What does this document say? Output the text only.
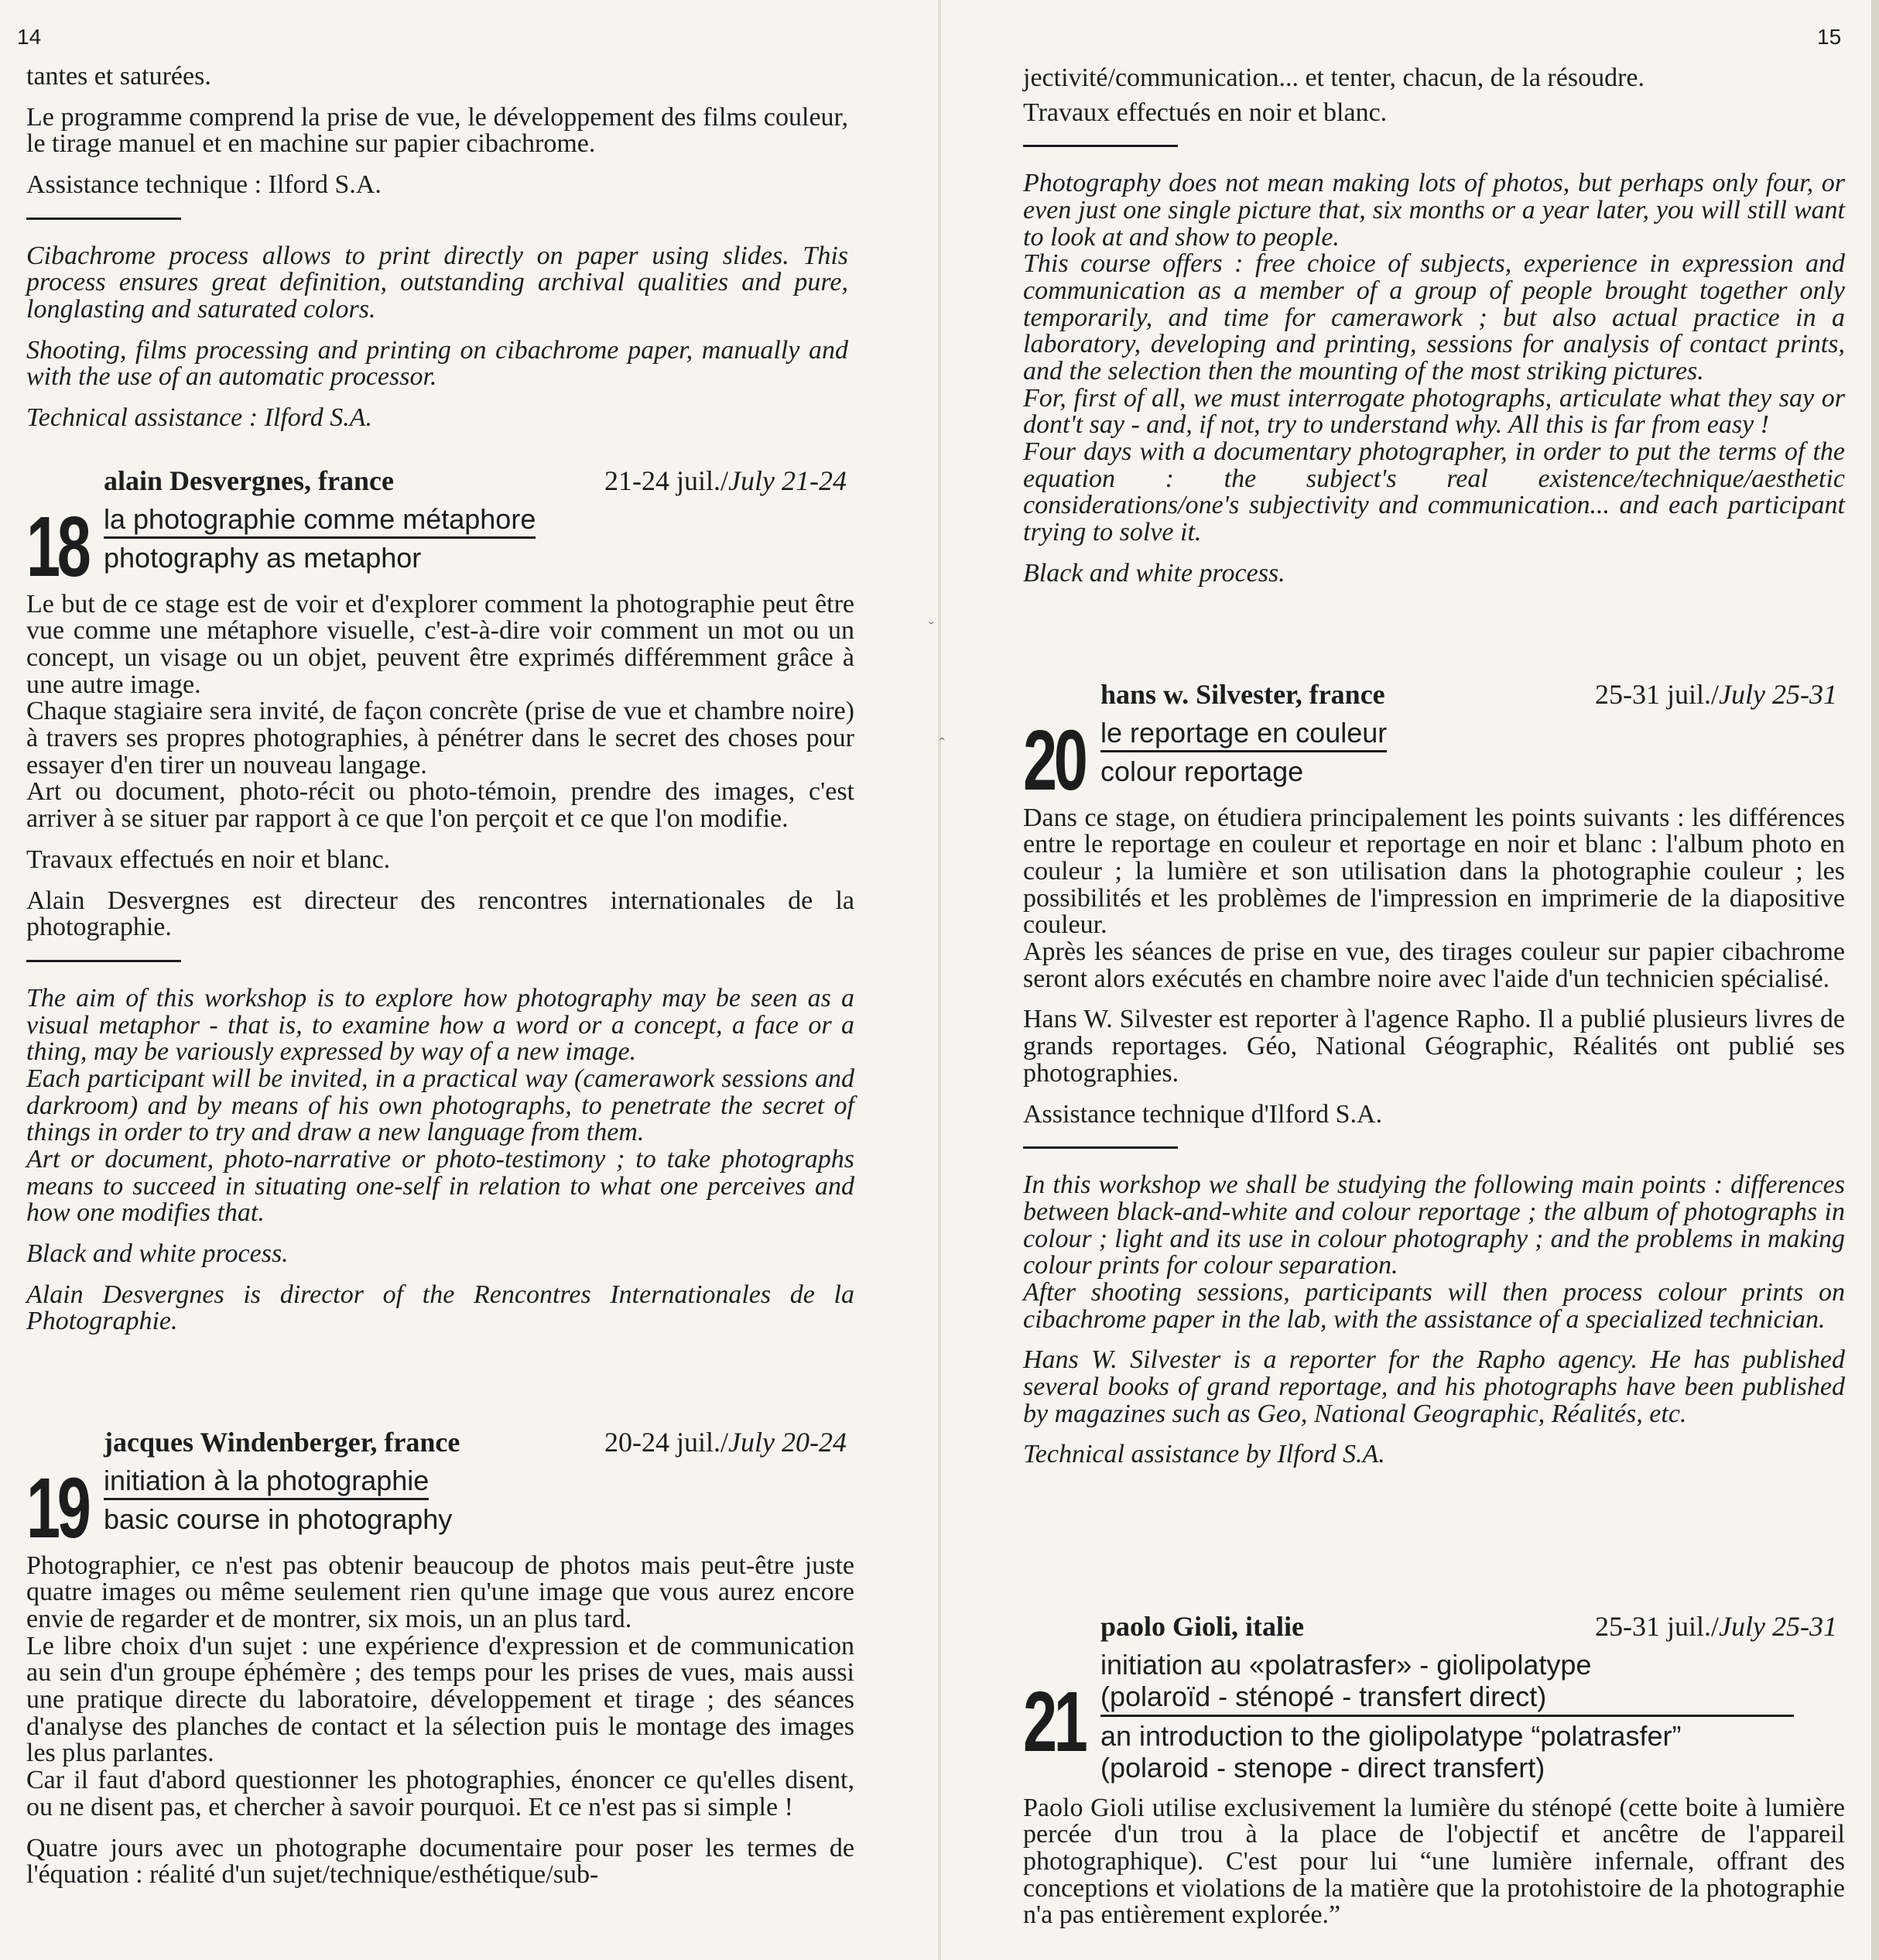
14

tantes et saturées.

Le programme comprend la prise de vue, le développement des films couleur, le tirage manuel et en machine sur papier cibachrome.

Assistance technique : Ilford S.A.

Cibachrome process allows to print directly on paper using slides. This process ensures great definition, outstanding archival qualities and pure, longlasting and saturated colors.

Shooting, films processing and printing on cibachrome paper, manually and with the use of an automatic processor.

Technical assistance : Ilford S.A.

alain Desvergnes, france	21-24 juil./July 21-24
18 la photographie comme métaphore
photography as metaphor

Le but de ce stage est de voir et d'explorer comment la photographie peut être vue comme une métaphore visuelle, c'est-à-dire voir comment un mot ou un concept, un visage ou un objet, peuvent être exprimés différemment grâce à une autre image.

Chaque stagiaire sera invité, de façon concrète (prise de vue et chambre noire) à travers ses propres photographies, à pénétrer dans le secret des choses pour essayer d'en tirer un nouveau langage.

Art ou document, photo-récit ou photo-témoin, prendre des images, c'est arriver à se situer par rapport à ce que l'on perçoit et ce que l'on modifie.

Travaux effectués en noir et blanc.

Alain Desvergnes est directeur des rencontres internationales de la photographie.

The aim of this workshop is to explore how photography may be seen as a visual metaphor - that is, to examine how a word or a concept, a face or a thing, may be variously expressed by way of a new image.

Each participant will be invited, in a practical way (camerawork sessions and darkroom) and by means of his own photographs, to penetrate the secret of things in order to try and draw a new language from them.

Art or document, photo-narrative or photo-testimony ; to take photographs means to succeed in situating one-self in relation to what one perceives and how one modifies that.

Black and white process.

Alain Desvergnes is director of the Rencontres Internationales de la Photographie.

jacques Windenberger, france	20-24 juil./July 20-24
19 initiation à la photographie
basic course in photography

Photographier, ce n'est pas obtenir beaucoup de photos mais peut-être juste quatre images ou même seulement rien qu'une image que vous aurez encore envie de regarder et de montrer, six mois, un an plus tard.

Le libre choix d'un sujet : une expérience d'expression et de communication au sein d'un groupe éphémère ; des temps pour les prises de vues, mais aussi une pratique directe du laboratoire, développement et tirage ; des séances d'analyse des planches de contact et la sélection puis le montage des images les plus parlantes.

Car il faut d'abord questionner les photographies, énoncer ce qu'elles disent, ou ne disent pas, et chercher à savoir pourquoi. Et ce n'est pas si simple !

Quatre jours avec un photographe documentaire pour poser les termes de l'équation : réalité d'un sujet/technique/esthétique/sub-

ˇ
15

jectivité/communication... et tenter, chacun, de la résoudre.

Travaux effectués en noir et blanc.

Photography does not mean making lots of photos, but perhaps only four, or even just one single picture that, six months or a year later, you will still want to look at and show to people.

This course offers : free choice of subjects, experience in expression and communication as a member of a group of people brought together only temporarily, and time for camerawork ; but also actual practice in a laboratory, developing and printing, sessions for analysis of contact prints, and the selection then the mounting of the most striking pictures.

For, first of all, we must interrogate photographs, articulate what they say or dont't say - and, if not, try to understand why. All this is far from easy !

Four days with a documentary photographer, in order to put the terms of the equation : the subject's real existence/technique/aesthetic considerations/one's subjectivity and communication... and each participant trying to solve it.

Black and white process.

hans w. Silvester, france	25-31 juil./July 25-31
20 le reportage en couleur
colour reportage

Dans ce stage, on étudiera principalement les points suivants : les différences entre le reportage en couleur et reportage en noir et blanc : l'album photo en couleur ; la lumière et son utilisation dans la photographie couleur ; les possibilités et les problèmes de l'impression en imprimerie de la diapositive couleur.

Après les séances de prise en vue, des tirages couleur sur papier cibachrome seront alors exécutés en chambre noire avec l'aide d'un technicien spécialisé.

Hans W. Silvester est reporter à l'agence Rapho. Il a publié plusieurs livres de grands reportages. Géo, National Géographic, Réalités ont publié ses photographies.

Assistance technique d'Ilford S.A.

In this workshop we shall be studying the following main points : differences between black-and-white and colour reportage ; the album of photographs in colour ; light and its use in colour photography ; and the problems in making colour prints for colour separation.

After shooting sessions, participants will then process colour prints on cibachrome paper in the lab, with the assistance of a specialized technician.

Hans W. Silvester is a reporter for the Rapho agency. He has published several books of grand reportage, and his photographs have been published by magazines such as Geo, National Geographic, Réalités, etc.

Technical assistance by Ilford S.A.

paolo Gioli, italie	25-31 juil./July 25-31
21
initiation au «polatrasfer» - giolipolatype
(polaroïd - sténopé - transfert direct)
an introduction to the giolipolatype “polatrasfer”
(polaroid - stenope - direct transfert)

Paolo Gioli utilise exclusivement la lumière du sténopé (cette boite à lumière percée d'un trou à la place de l'objectif et ancêtre de l'appareil photographique). C'est pour lui “une lumière infernale, offrant des conceptions et violations de la matière que la protohistoire de la photographie n'a pas entièrement explorée.”

ˆ
